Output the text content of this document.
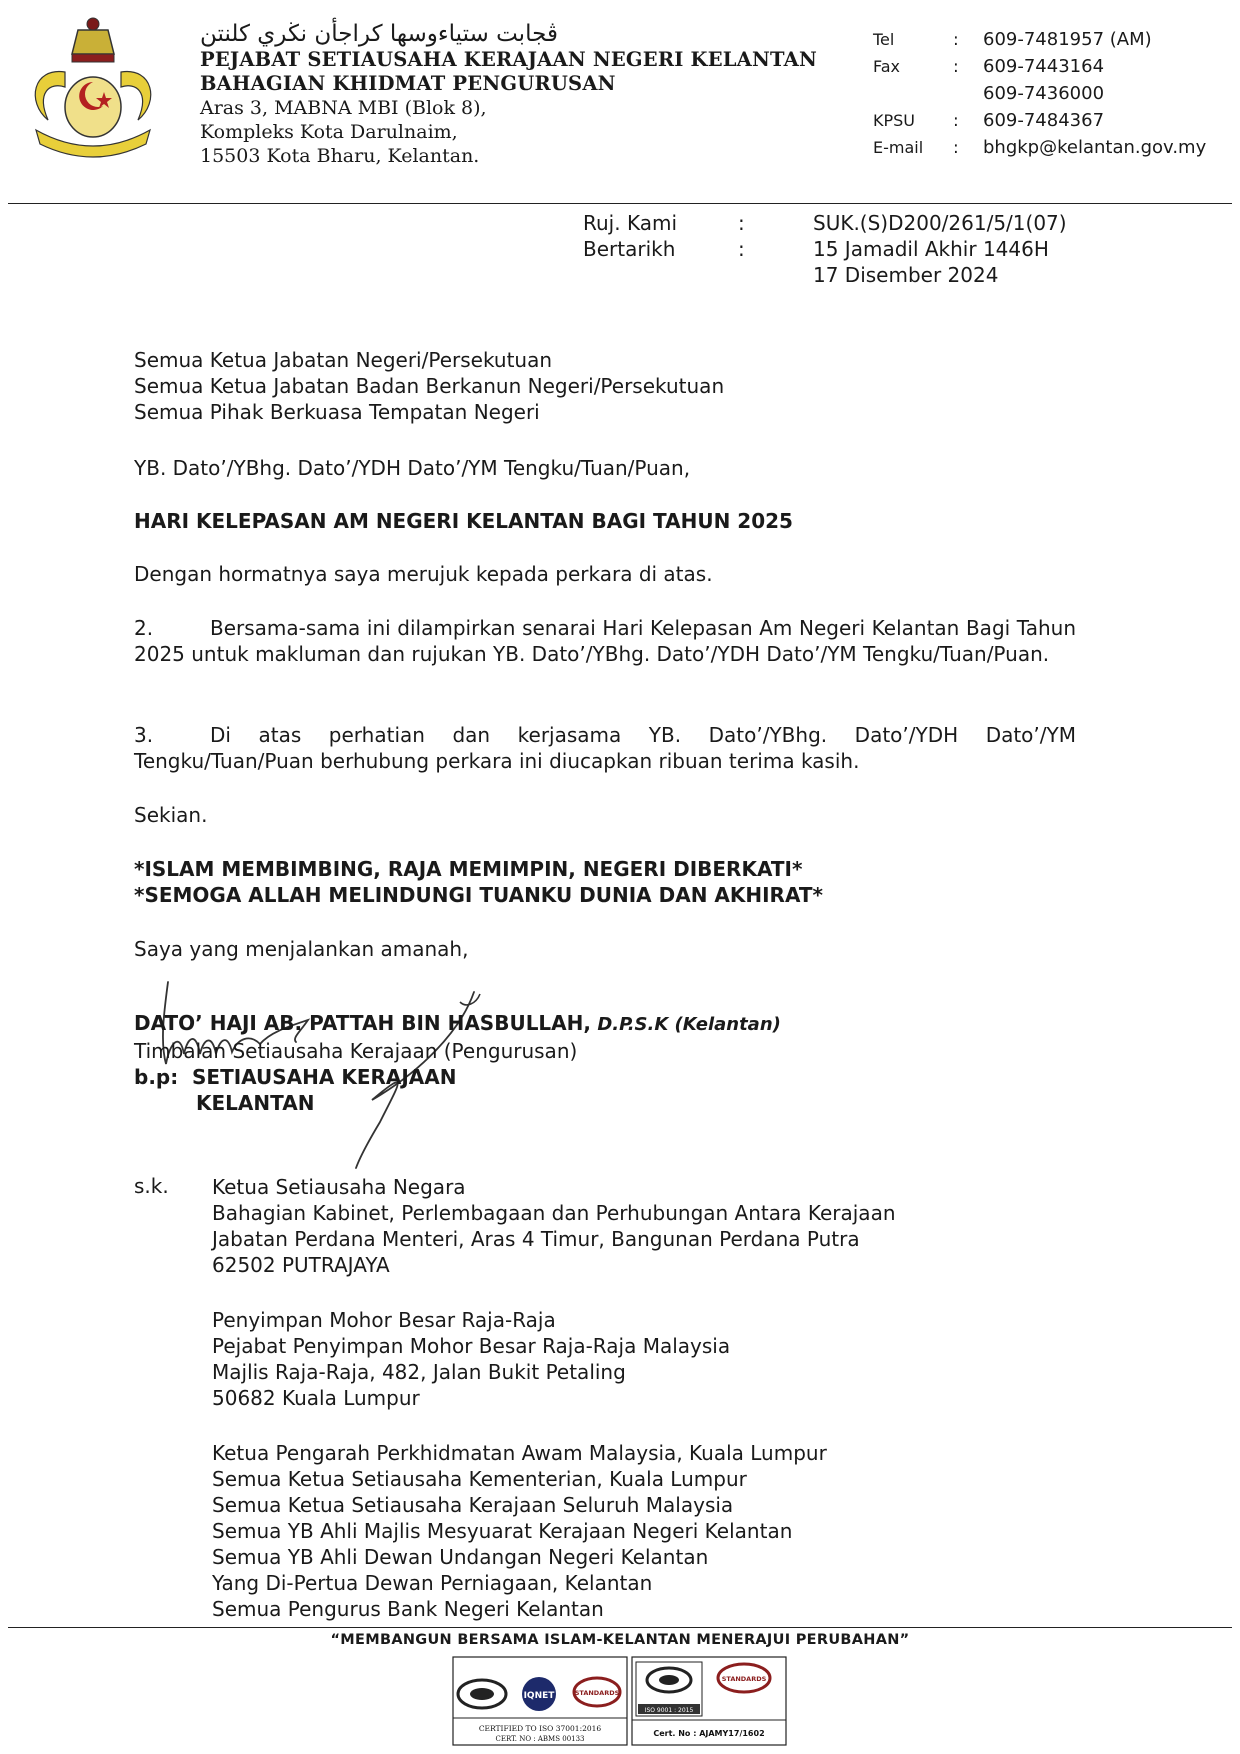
ڤجابت ستياءوسها كراجأن نڬري كلنتن
PEJABAT SETIAUSAHA KERAJAAN NEGERI KELANTAN
BAHAGIAN KHIDMAT PENGURUSAN
Aras 3, MABNA MBI (Blok 8),
Kompleks Kota Darulnaim,
15503 Kota Bharu, Kelantan.
Tel	:	609-7481957 (AM)
Fax	:	609-7443164
609-7436000
KPSU	:	609-7484367
E-mail	:	bhgkp@kelantan.gov.my
Ruj. Kami	:	SUK.(S)D200/261/5/1(07)
Bertarikh	:	15 Jamadil Akhir 1446H
17 Disember 2024
Semua Ketua Jabatan Negeri/Persekutuan
Semua Ketua Jabatan Badan Berkanun Negeri/Persekutuan
Semua Pihak Berkuasa Tempatan Negeri
YB. Dato’/YBhg. Dato’/YDH Dato’/YM Tengku/Tuan/Puan,
HARI KELEPASAN AM NEGERI KELANTAN BAGI TAHUN 2025
Dengan hormatnya saya merujuk kepada perkara di atas.
2.	Bersama-sama ini dilampirkan senarai Hari Kelepasan Am Negeri Kelantan Bagi Tahun 2025 untuk makluman dan rujukan YB. Dato’/YBhg. Dato’/YDH Dato’/YM Tengku/Tuan/Puan.
3.	Di atas perhatian dan kerjasama YB. Dato’/YBhg. Dato’/YDH Dato’/YM Tengku/Tuan/Puan berhubung perkara ini diucapkan ribuan terima kasih.
Sekian.
*ISLAM MEMBIMBING, RAJA MEMIMPIN, NEGERI DIBERKATI*
*SEMOGA ALLAH MELINDUNGI TUANKU DUNIA DAN AKHIRAT*
Saya yang menjalankan amanah,
DATO’ HAJI AB. PATTAH BIN HASBULLAH, D.P.S.K (Kelantan)
Timbalan Setiausaha Kerajaan (Pengurusan)
b.p: SETIAUSAHA KERAJAAN
KELANTAN
s.k. Ketua Setiausaha Negara
Bahagian Kabinet, Perlembagaan dan Perhubungan Antara Kerajaan
Jabatan Perdana Menteri, Aras 4 Timur, Bangunan Perdana Putra
62502 PUTRAJAYA
Penyimpan Mohor Besar Raja-Raja
Pejabat Penyimpan Mohor Besar Raja-Raja Malaysia
Majlis Raja-Raja, 482, Jalan Bukit Petaling
50682 Kuala Lumpur
Ketua Pengarah Perkhidmatan Awam Malaysia, Kuala Lumpur
Semua Ketua Setiausaha Kementerian, Kuala Lumpur
Semua Ketua Setiausaha Kerajaan Seluruh Malaysia
Semua YB Ahli Majlis Mesyuarat Kerajaan Negeri Kelantan
Semua YB Ahli Dewan Undangan Negeri Kelantan
Yang Di-Pertua Dewan Perniagaan, Kelantan
Semua Pengurus Bank Negeri Kelantan
“MEMBANGUN BERSAMA ISLAM-KELANTAN MENERAJUI PERUBAHAN”
IQNET	STANDARDS
CERTIFIED TO ISO 37001:2016
CERT. NO : ABMS 00133
ISO 9001 : 2015
STANDARDS
Cert. No : AJAMY17/1602
